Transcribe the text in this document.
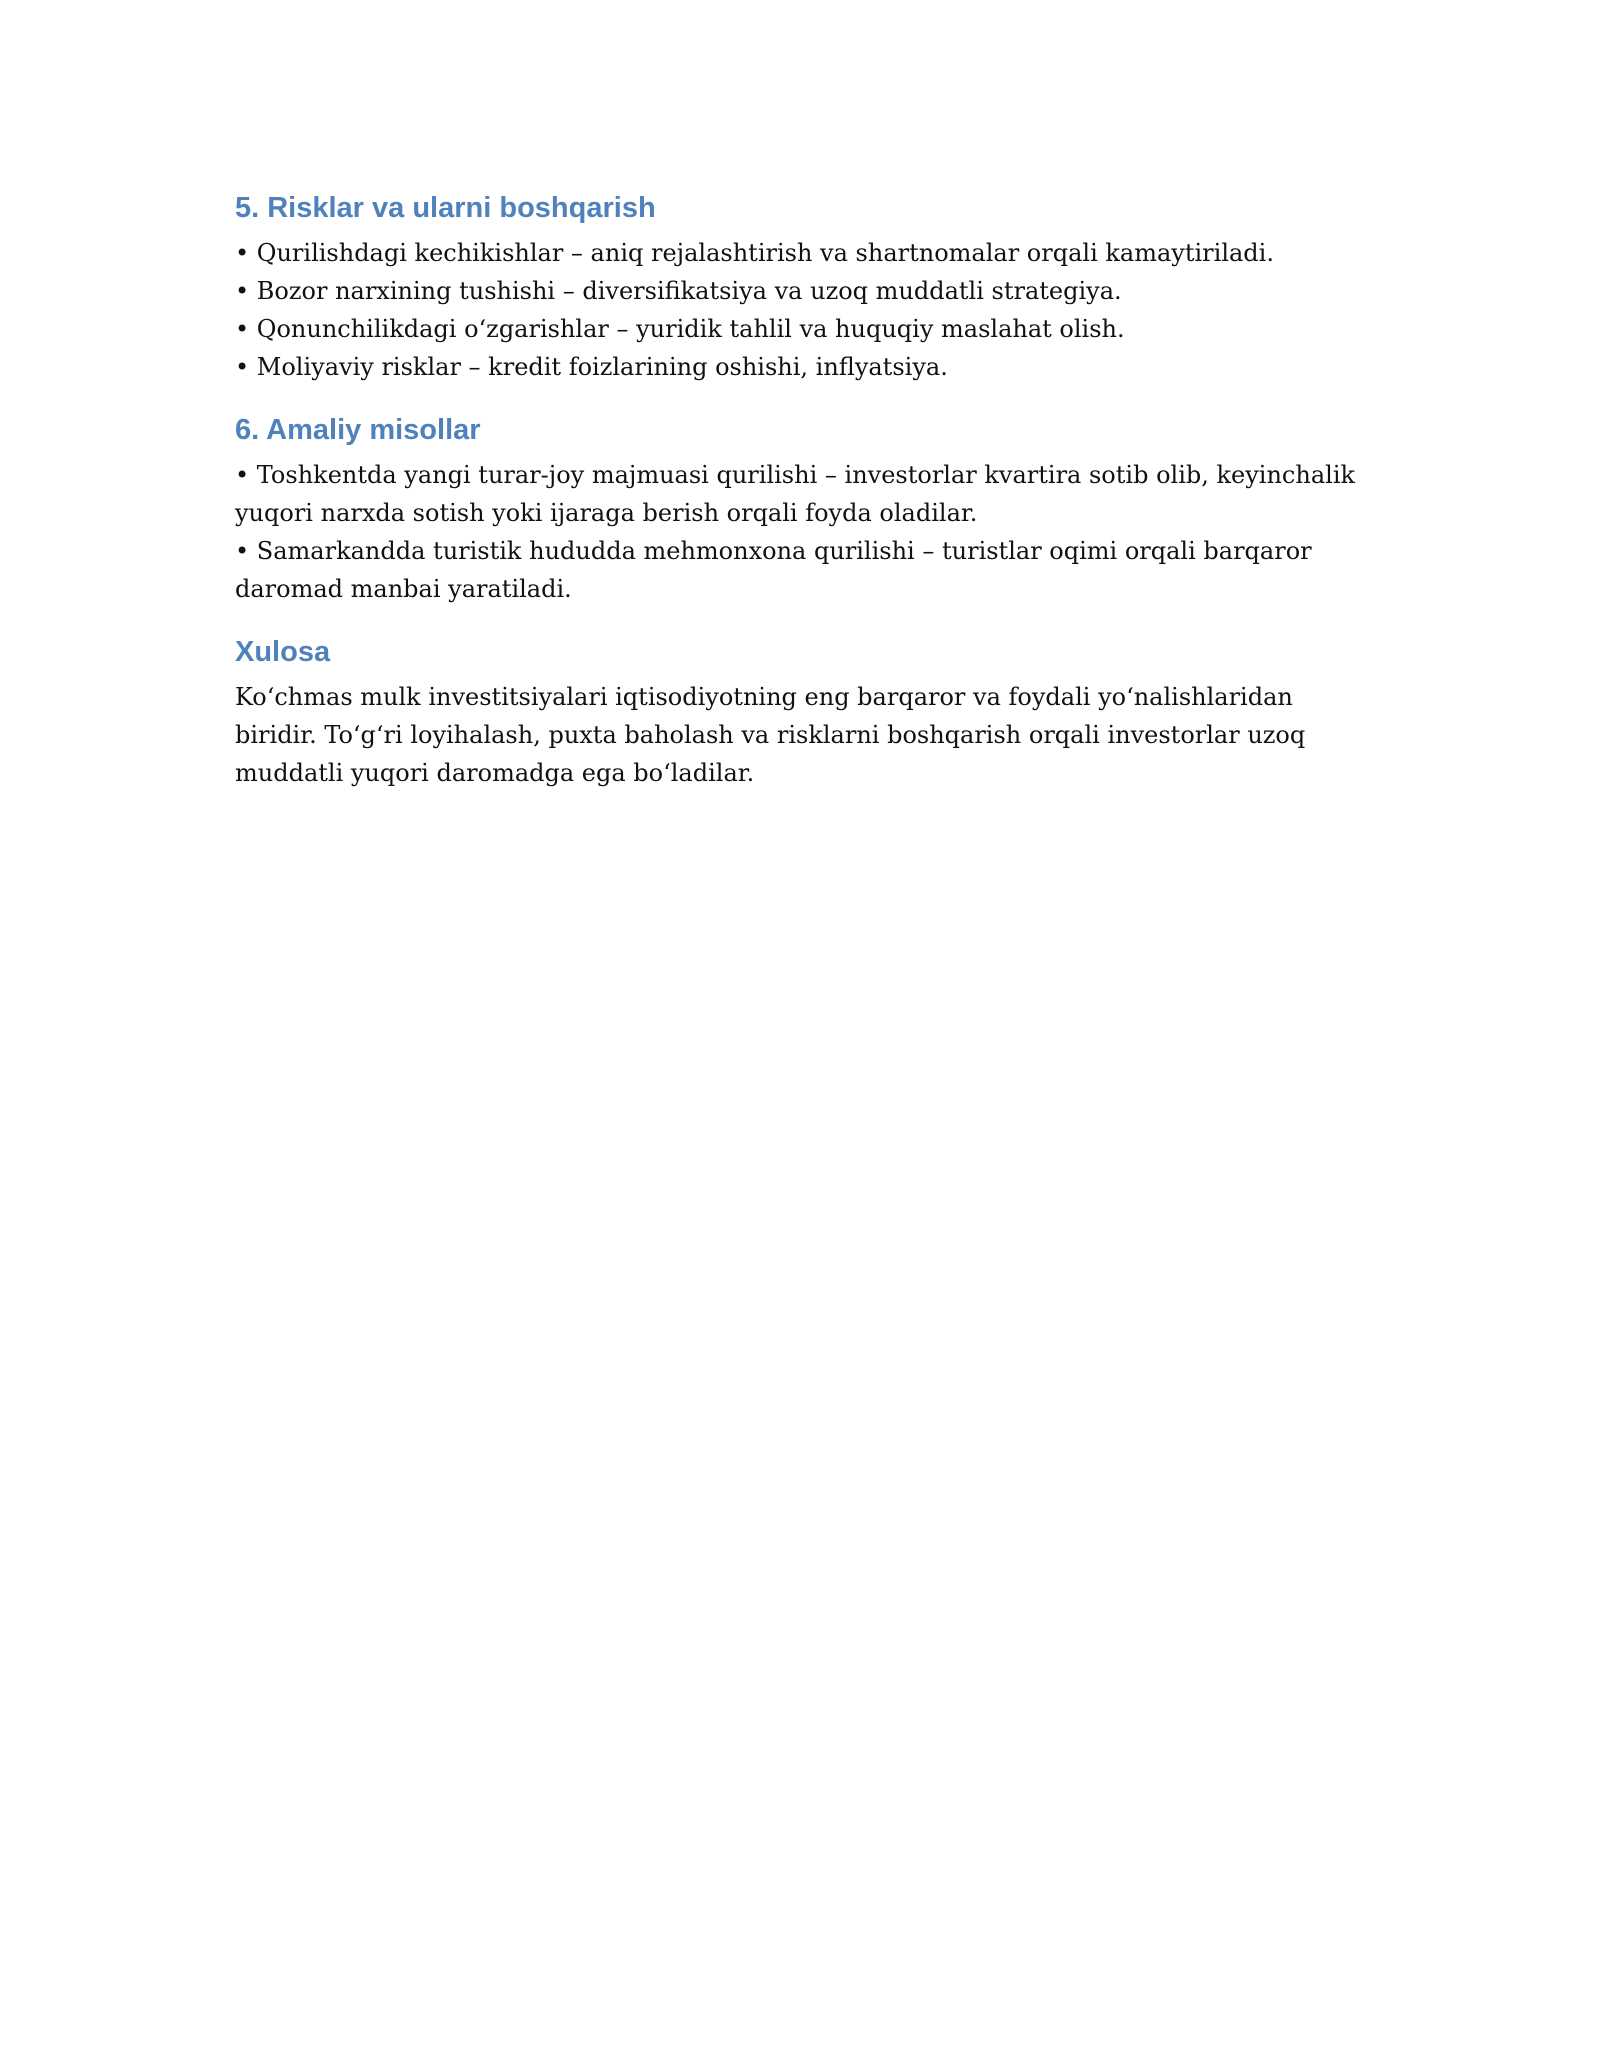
5. Risklar va ularni boshqarish

• Qurilishdagi kechikishlar – aniq rejalashtirish va shartnomalar orqali kamaytiriladi.

• Bozor narxining tushishi – diversifikatsiya va uzoq muddatli strategiya.

• Qonunchilikdagi oʻzgarishlar – yuridik tahlil va huquqiy maslahat olish.

• Moliyaviy risklar – kredit foizlarining oshishi, inflyatsiya.

6. Amaliy misollar

• Toshkentda yangi turar-joy majmuasi qurilishi – investorlar kvartira sotib olib, keyinchalik yuqori narxda sotish yoki ijaraga berish orqali foyda oladilar.

• Samarkandda turistik hududda mehmonxona qurilishi – turistlar oqimi orqali barqaror daromad manbai yaratiladi.

Xulosa

Koʻchmas mulk investitsiyalari iqtisodiyotning eng barqaror va foydali yoʻnalishlaridan biridir. Toʻgʻri loyihalash, puxta baholash va risklarni boshqarish orqali investorlar uzoq muddatli yuqori daromadga ega boʻladilar.
